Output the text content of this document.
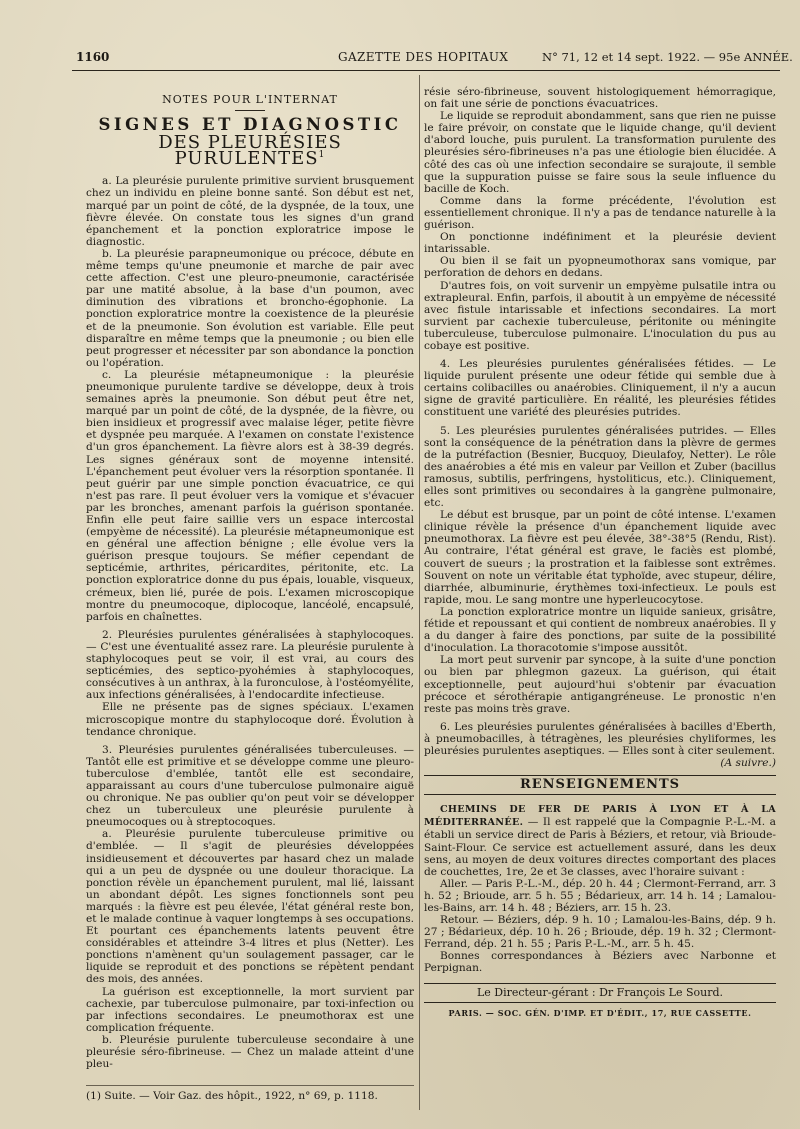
1160	GAZETTE DES HOPITAUX	N° 71, 12 et 14 sept. 1922. — 95e ANNÉE.
NOTES POUR L'INTERNAT
SIGNES ET DIAGNOSTIC
DES PLEURÉSIES PURULENTES$^1$

a. La pleurésie purulente primitive survient brusquement chez un individu en pleine bonne santé. Son début est net, marqué par un point de côté, de la dyspnée, de la toux, une fièvre élevée. On constate tous les signes d'un grand épanchement et la ponction exploratrice impose le diagnostic.

b. La pleurésie parapneumonique ou précoce, débute en même temps qu'une pneumonie et marche de pair avec cette affection. C'est une pleuro-pneumonie, caractérisée par une matité absolue, à la base d'un poumon, avec diminution des vibrations et broncho-égophonie. La ponction exploratrice montre la coexistence de la pleurésie et de la pneumonie. Son évolution est variable. Elle peut disparaître en même temps que la pneumonie ; ou bien elle peut progresser et nécessiter par son abondance la ponction ou l'opération.

c. La pleurésie métapneumonique : la pleurésie pneumonique purulente tardive se développe, deux à trois semaines après la pneumonie. Son début peut être net, marqué par un point de côté, de la dyspnée, de la fièvre, ou bien insidieux et progressif avec malaise léger, petite fièvre et dyspnée peu marquée. A l'examen on constate l'existence d'un gros épanchement. La fièvre alors est à 38-39 degrés. Les signes généraux sont de moyenne intensité. L'épanchement peut évoluer vers la résorption spontanée. Il peut guérir par une simple ponction évacuatrice, ce qui n'est pas rare. Il peut évoluer vers la vomique et s'évacuer par les bronches, amenant parfois la guérison spontanée. Enfin elle peut faire saillie vers un espace intercostal (empyème de nécessité). La pleurésie métapneumonique est en général une affection bénigne ; elle évolue vers la guérison presque toujours. Se méfier cependant de septicémie, arthrites, péricardites, péritonite, etc. La ponction exploratrice donne du pus épais, louable, visqueux, crémeux, bien lié, purée de pois. L'examen microscopique montre du pneumocoque, diplocoque, lancéolé, encapsulé, parfois en chaînettes.

2. Pleurésies purulentes généralisées à staphylocoques. — C'est une éventualité assez rare. La pleurésie purulente à staphylocoques peut se voir, il est vrai, au cours des septicémies, des septico-pyohémies à staphylocoques, consécutives à un anthrax, à la furonculose, à l'ostéomyélite, aux infections généralisées, à l'endocardite infectieuse.

Elle ne présente pas de signes spéciaux. L'examen microscopique montre du staphylocoque doré. Évolution à tendance chronique.

3. Pleurésies purulentes généralisées tuberculeuses. — Tantôt elle est primitive et se développe comme une pleuro-tuberculose d'emblée, tantôt elle est secondaire, apparaissant au cours d'une tuberculose pulmonaire aiguë ou chronique. Ne pas oublier qu'on peut voir se développer chez un tuberculeux une pleurésie purulente à pneumocoques ou à streptocoques.

a. Pleurésie purulente tuberculeuse primitive ou d'emblée. — Il s'agit de pleurésies développées insidieusement et découvertes par hasard chez un malade qui a un peu de dyspnée ou une douleur thoracique. La ponction révèle un épanchement purulent, mal lié, laissant un abondant dépôt. Les signes fonctionnels sont peu marqués : la fièvre est peu élevée, l'état général reste bon, et le malade continue à vaquer longtemps à ses occupations. Et pourtant ces épanchements latents peuvent être considérables et atteindre 3-4 litres et plus (Netter). Les ponctions n'amènent qu'un soulagement passager, car le liquide se reproduit et des ponctions se répètent pendant des mois, des années.

La guérison est exceptionnelle, la mort survient par cachexie, par tuberculose pulmonaire, par toxi-infection ou par infections secondaires. Le pneumothorax est une complication fréquente.

b. Pleurésie purulente tuberculeuse secondaire à une pleurésie séro-fibrineuse. — Chez un malade atteint d'une pleu-

(1) Suite. — Voir Gaz. des hôpit., 1922, n° 69, p. 1118.

résie séro-fibrineuse, souvent histologiquement hémorragique, on fait une série de ponctions évacuatrices.

Le liquide se reproduit abondamment, sans que rien ne puisse le faire prévoir, on constate que le liquide change, qu'il devient d'abord louche, puis purulent. La transformation purulente des pleurésies séro-fibrineuses n'a pas une étiologie bien élucidée. A côté des cas où une infection secondaire se surajoute, il semble que la suppuration puisse se faire sous la seule influence du bacille de Koch.

Comme dans la forme précédente, l'évolution est essentiellement chronique. Il n'y a pas de tendance naturelle à la guérison.

On ponctionne indéfiniment et la pleurésie devient intarissable.

Ou bien il se fait un pyopneumothorax sans vomique, par perforation de dehors en dedans.

D'autres fois, on voit survenir un empyème pulsatile intra ou extrapleural. Enfin, parfois, il aboutit à un empyème de nécessité avec fistule intarissable et infections secondaires. La mort survient par cachexie tuberculeuse, péritonite ou méningite tuberculeuse, tuberculose pulmonaire. L'inoculation du pus au cobaye est positive.

4. Les pleurésies purulentes généralisées fétides. — Le liquide purulent présente une odeur fétide qui semble due à certains colibacilles ou anaérobies. Cliniquement, il n'y a aucun signe de gravité particulière. En réalité, les pleurésies fétides constituent une variété des pleurésies putrides.

5. Les pleurésies purulentes généralisées putrides. — Elles sont la conséquence de la pénétration dans la plèvre de germes de la putréfaction (Besnier, Bucquoy, Dieulafoy, Netter). Le rôle des anaérobies a été mis en valeur par Veillon et Zuber (bacillus ramosus, subtilis, perfringens, hystoliticus, etc.). Cliniquement, elles sont primitives ou secondaires à la gangrène pulmonaire, etc.

Le début est brusque, par un point de côté intense. L'examen clinique révèle la présence d'un épanchement liquide avec pneumothorax. La fièvre est peu élevée, 38°-38°5 (Rendu, Rist). Au contraire, l'état général est grave, le faciès est plombé, couvert de sueurs ; la prostration et la faiblesse sont extrêmes. Souvent on note un véritable état typhoïde, avec stupeur, délire, diarrhée, albuminurie, érythèmes toxi-infectieux. Le pouls est rapide, mou. Le sang montre une hyperleucocytose.

La ponction exploratrice montre un liquide sanieux, grisâtre, fétide et repoussant et qui contient de nombreux anaérobies. Il y a du danger à faire des ponctions, par suite de la possibilité d'inoculation. La thoracotomie s'impose aussitôt.

La mort peut survenir par syncope, à la suite d'une ponction ou bien par phlegmon gazeux. La guérison, qui était exceptionnelle, peut aujourd'hui s'obtenir par évacuation précoce et sérothérapie antigangréneuse. Le pronostic n'en reste pas moins très grave.

6. Les pleurésies purulentes généralisées à bacilles d'Eberth, à pneumobacilles, à tétragènes, les pleurésies chyliformes, les pleurésies purulentes aseptiques. — Elles sont à citer seulement.

(A suivre.)
RENSEIGNEMENTS

CHEMINS DE FER DE PARIS À LYON ET À LA MÉDITERRANÉE. — Il est rappelé que la Compagnie P.-L.-M. a établi un service direct de Paris à Béziers, et retour, vià Brioude-Saint-Flour. Ce service est actuellement assuré, dans les deux sens, au moyen de deux voitures directes comportant des places de couchettes, 1re, 2e et 3e classes, avec l'horaire suivant :

Aller. — Paris P.-L.-M., dép. 20 h. 44 ; Clermont-Ferrand, arr. 3 h. 52 ; Brioude, arr. 5 h. 55 ; Bédarieux, arr. 14 h. 14 ; Lamalou-les-Bains, arr. 14 h. 48 ; Béziers, arr. 15 h. 23.

Retour. — Béziers, dép. 9 h. 10 ; Lamalou-les-Bains, dép. 9 h. 27 ; Bédarieux, dép. 10 h. 26 ; Brioude, dép. 19 h. 32 ; Clermont-Ferrand, dép. 21 h. 55 ; Paris P.-L.-M., arr. 5 h. 45.

Bonnes correspondances à Béziers avec Narbonne et Perpignan.

Le Directeur-gérant : Dr François Le Sourd.
PARIS. — SOC. GÉN. D'IMP. ET D'ÉDIT., 17, RUE CASSETTE.
